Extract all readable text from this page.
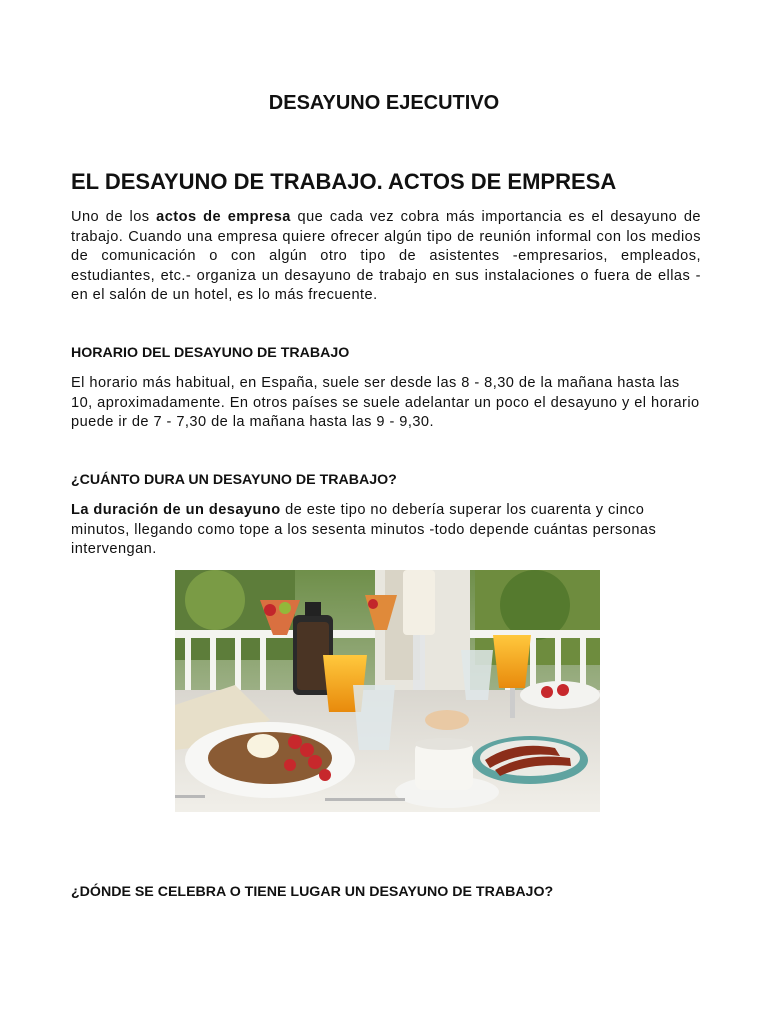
DESAYUNO EJECUTIVO
EL DESAYUNO DE TRABAJO. ACTOS DE EMPRESA

Uno de los actos de empresa que cada vez cobra más importancia es el desayuno de trabajo. Cuando una empresa quiere ofrecer algún tipo de reunión informal con los medios de comunicación o con algún otro tipo de asistentes -empresarios, empleados, estudiantes, etc.- organiza un desayuno de trabajo en sus instalaciones o fuera de ellas -en el salón de un hotel, es lo más frecuente.

HORARIO DEL DESAYUNO DE TRABAJO

El horario más habitual, en España, suele ser desde las 8 - 8,30 de la mañana hasta las 10, aproximadamente. En otros países se suele adelantar un poco el desayuno y el horario puede ir de 7 - 7,30 de la mañana hasta las 9 - 9,30.

¿CUÁNTO DURA UN DESAYUNO DE TRABAJO?

La duración de un desayuno de este tipo no debería superar los cuarenta y cinco minutos, llegando como tope a los sesenta minutos -todo depende cuántas personas intervengan.

¿DÓNDE SE CELEBRA O TIENE LUGAR UN DESAYUNO DE TRABAJO?
